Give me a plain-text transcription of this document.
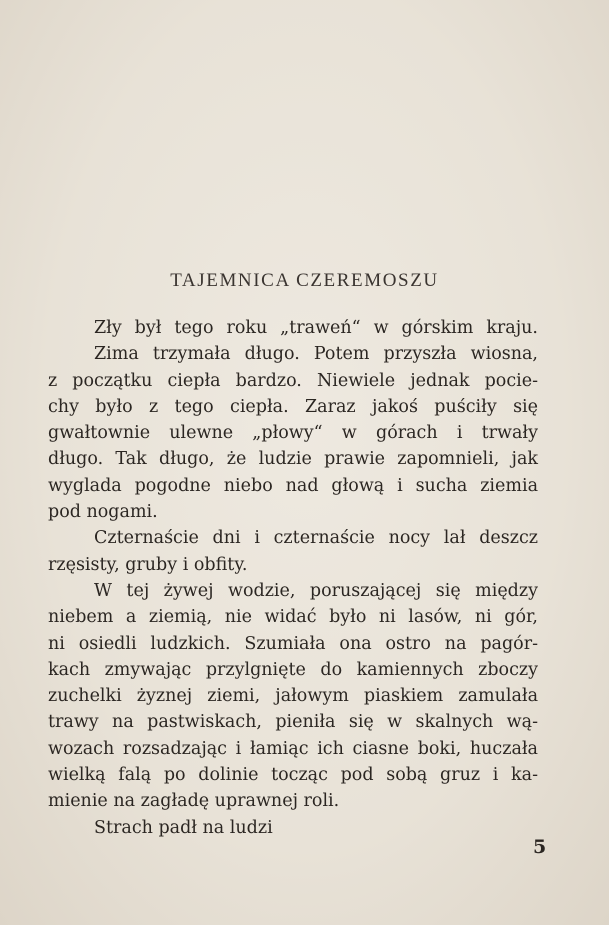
TAJEMNICA CZEREMOSZU
Zły był tego roku „traweń“ w górskim kraju.
Zima trzymała długo. Potem przyszła wiosna,
z początku ciepła bardzo. Niewiele jednak pocie-
chy było z tego ciepła. Zaraz jakoś puściły się
gwałtownie ulewne „płowy“ w górach i trwały
długo. Tak długo, że ludzie prawie zapomnieli, jak
wyglada pogodne niebo nad głową i sucha ziemia
pod nogami.
Czternaście dni i czternaście nocy lał deszcz
rzęsisty, gruby i obfity.
W tej żywej wodzie, poruszającej się między
niebem a ziemią, nie widać było ni lasów, ni gór,
ni osiedli ludzkich. Szumiała ona ostro na pagór-
kach zmywając przylgnięte do kamiennych zboczy
zuchelki żyznej ziemi, jałowym piaskiem zamulała
trawy na pastwiskach, pieniła się w skalnych wą-
wozach rozsadzając i łamiąc ich ciasne boki, huczała
wielką falą po dolinie tocząc pod sobą gruz i ka-
mienie na zagładę uprawnej roli.
Strach padł na ludzi
5
